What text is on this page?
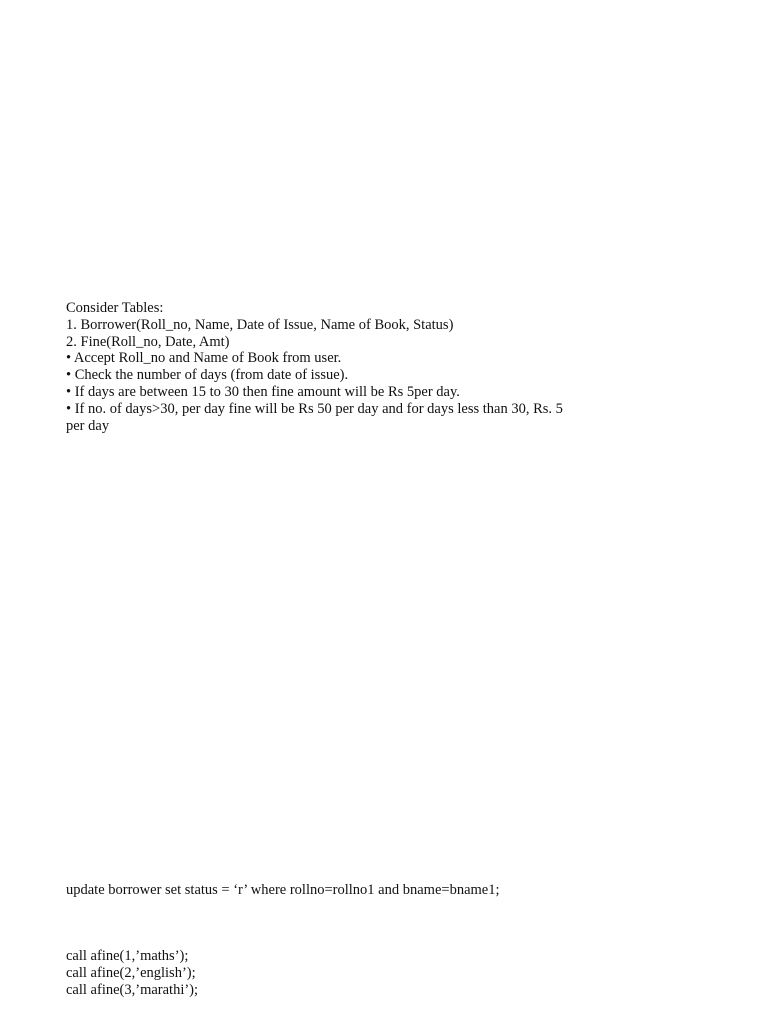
Consider Tables:
1. Borrower(Roll_no, Name, Date of Issue, Name of Book, Status)
2. Fine(Roll_no, Date, Amt)
• Accept Roll_no and Name of Book from user.
• Check the number of days (from date of issue).
• If days are between 15 to 30 then fine amount will be Rs 5per day.
• If no. of days>30, per day fine will be Rs 50 per day and for days less than 30, Rs. 5
per day
update borrower set status = ‘r’ where rollno=rollno1 and bname=bname1;
call afine(1,’maths’);
call afine(2,’english’);
call afine(3,’marathi’);
